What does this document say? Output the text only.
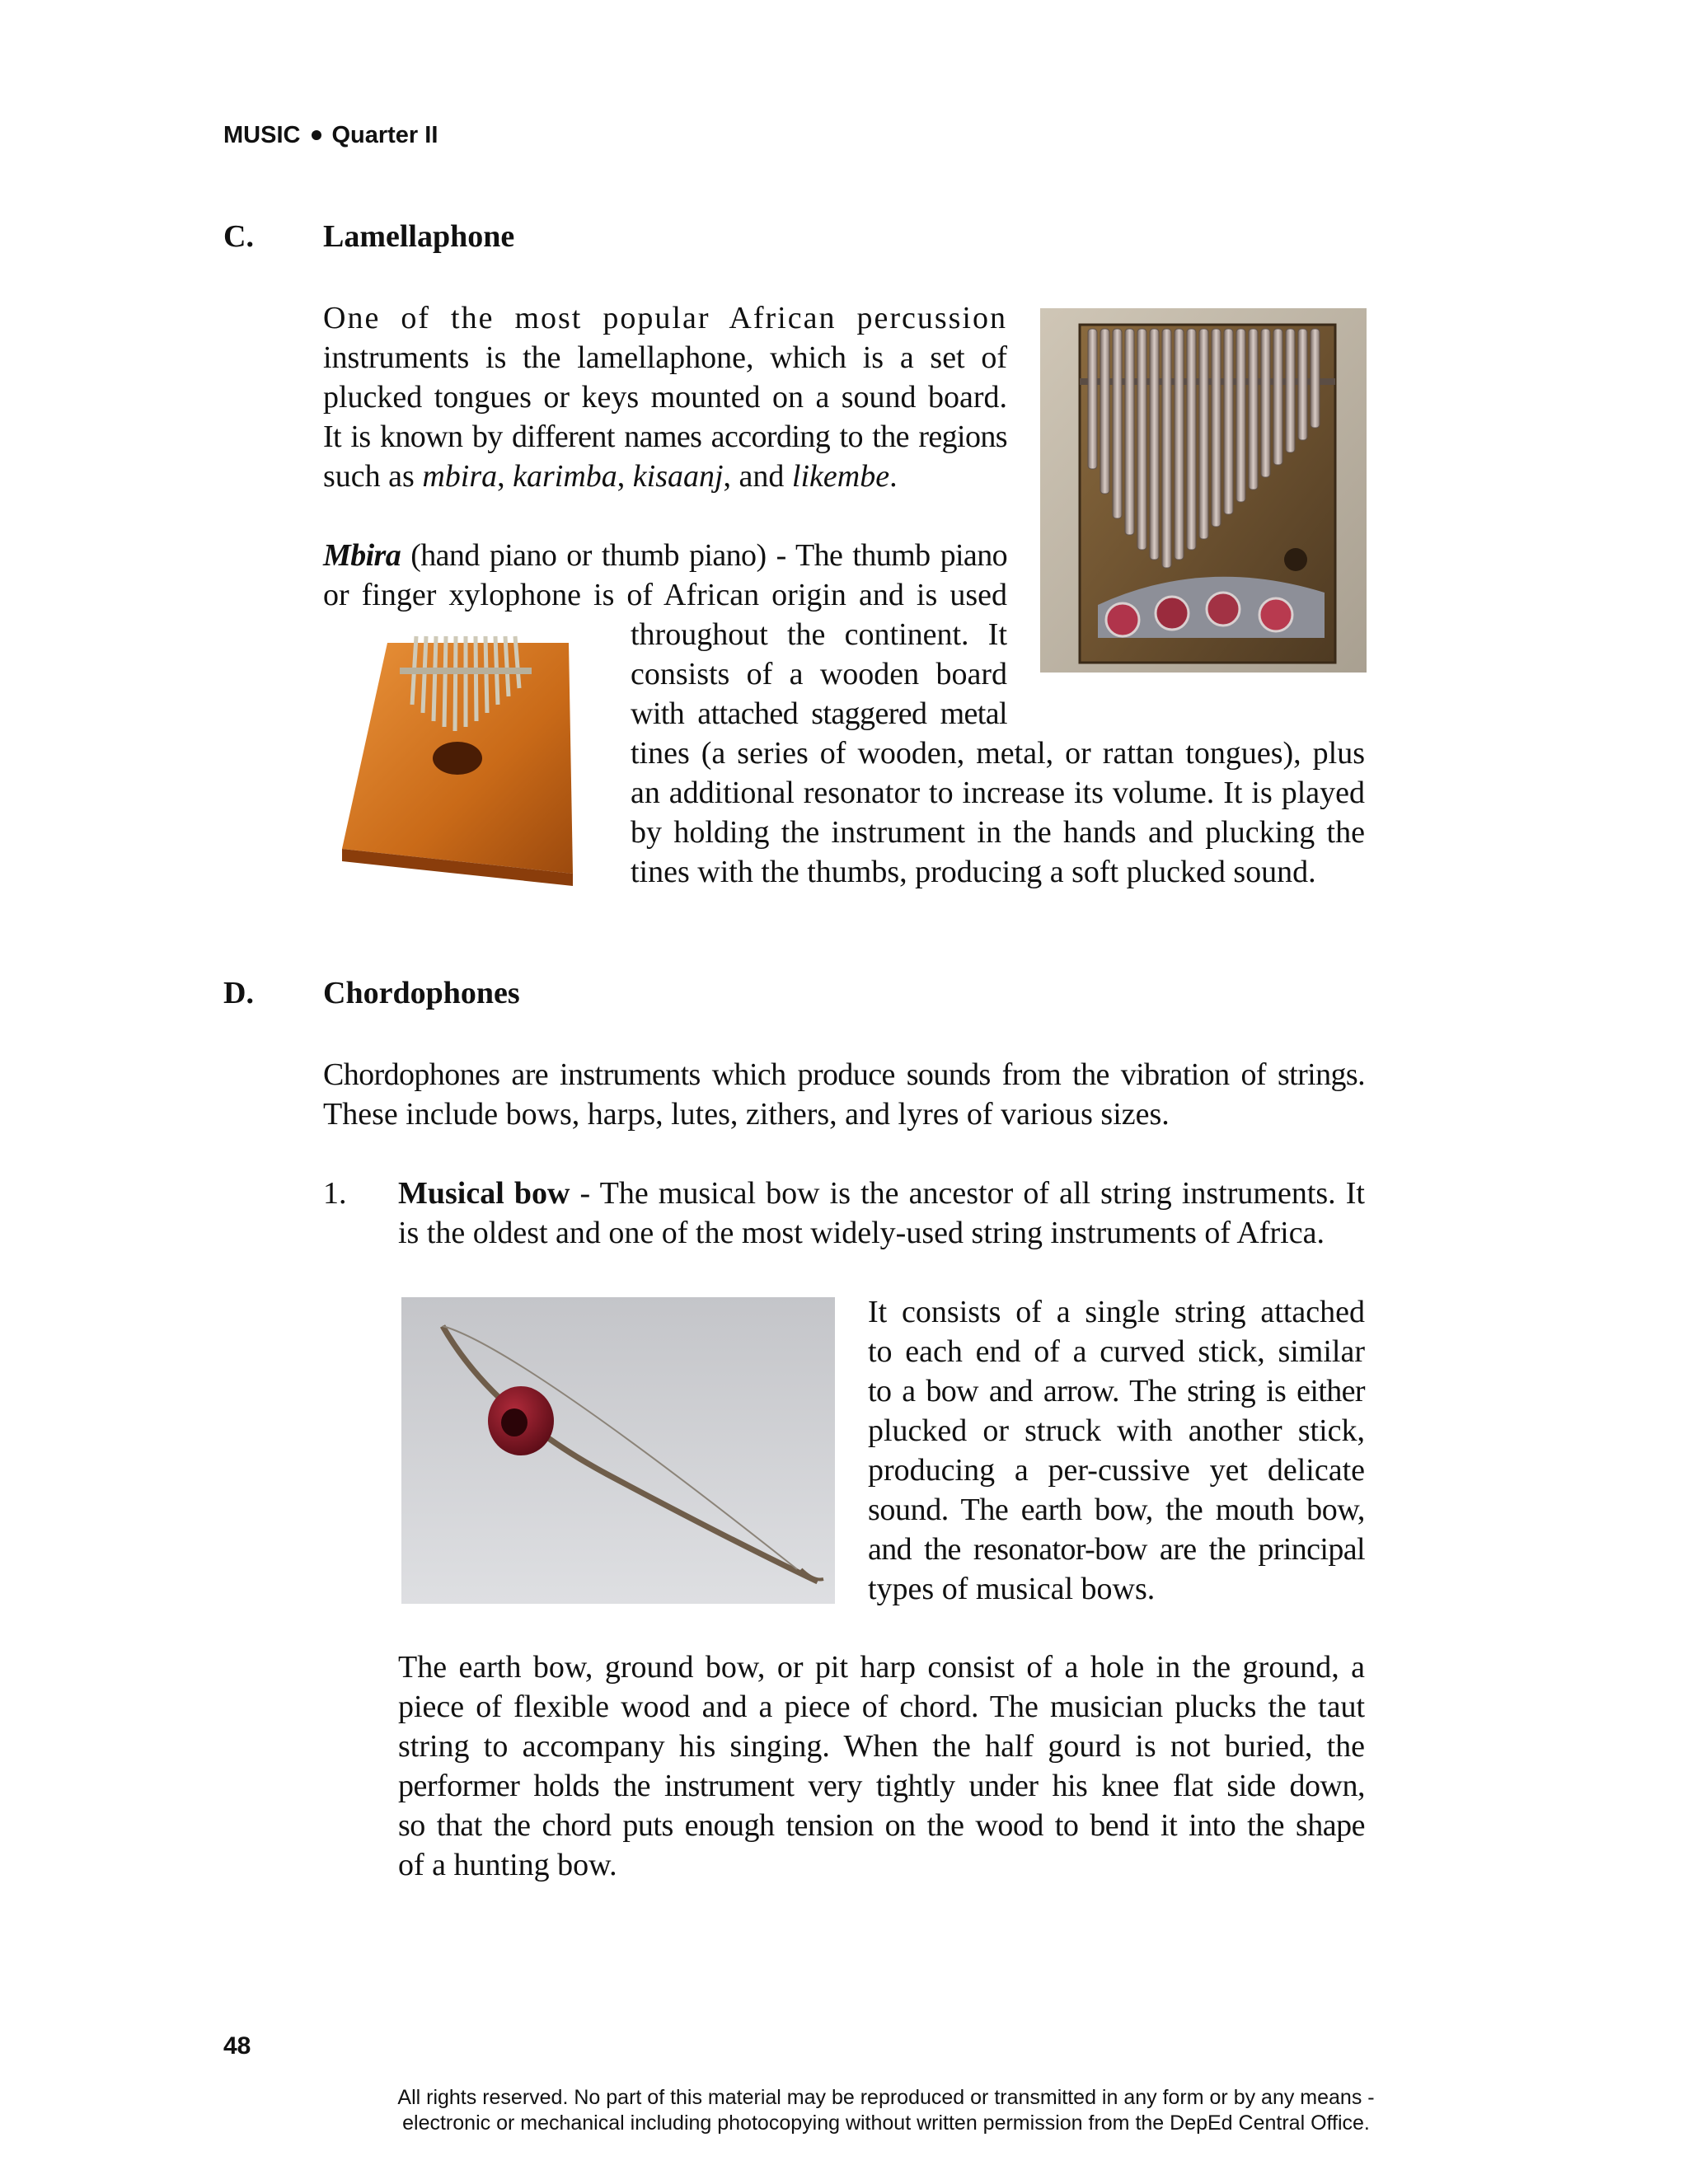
MUSIC Quarter II
C. Lamellaphone
One of the most popular African percussion
instruments is the lamellaphone, which is a set of
plucked tongues or keys mounted on a sound board.
It is known by different names according to the regions
such as mbira, karimba, kisaanj, and likembe.
Mbira (hand piano or thumb piano) - The thumb piano
or finger xylophone is of African origin and is used
throughout the continent. It
consists of a wooden board
with attached staggered metal
tines (a series of wooden, metal, or rattan tongues), plus
an additional resonator to increase its volume. It is played
by holding the instrument in the hands and plucking the
tines with the thumbs, producing a soft plucked sound.
D. Chordophones
Chordophones are instruments which produce sounds from the vibration of strings.
These include bows, harps, lutes, zithers, and lyres of various sizes.
1. Musical bow - The musical bow is the ancestor of all string instruments. It
is the oldest and one of the most widely-used string instruments of Africa.
It consists of a single string attached
to each end of a curved stick, similar
to a bow and arrow. The string is either
plucked or struck with another stick,
producing a per-cussive yet delicate
sound. The earth bow, the mouth bow,
and the resonator-bow are the principal
types of musical bows.
The earth bow, ground bow, or pit harp consist of a hole in the ground, a
piece of flexible wood and a piece of chord. The musician plucks the taut
string to accompany his singing. When the half gourd is not buried, the
performer holds the instrument very tightly under his knee flat side down,
so that the chord puts enough tension on the wood to bend it into the shape
of a hunting bow.
48
All rights reserved. No part of this material may be reproduced or transmitted in any form or by any means -
electronic or mechanical including photocopying without written permission from the DepEd Central Office.
